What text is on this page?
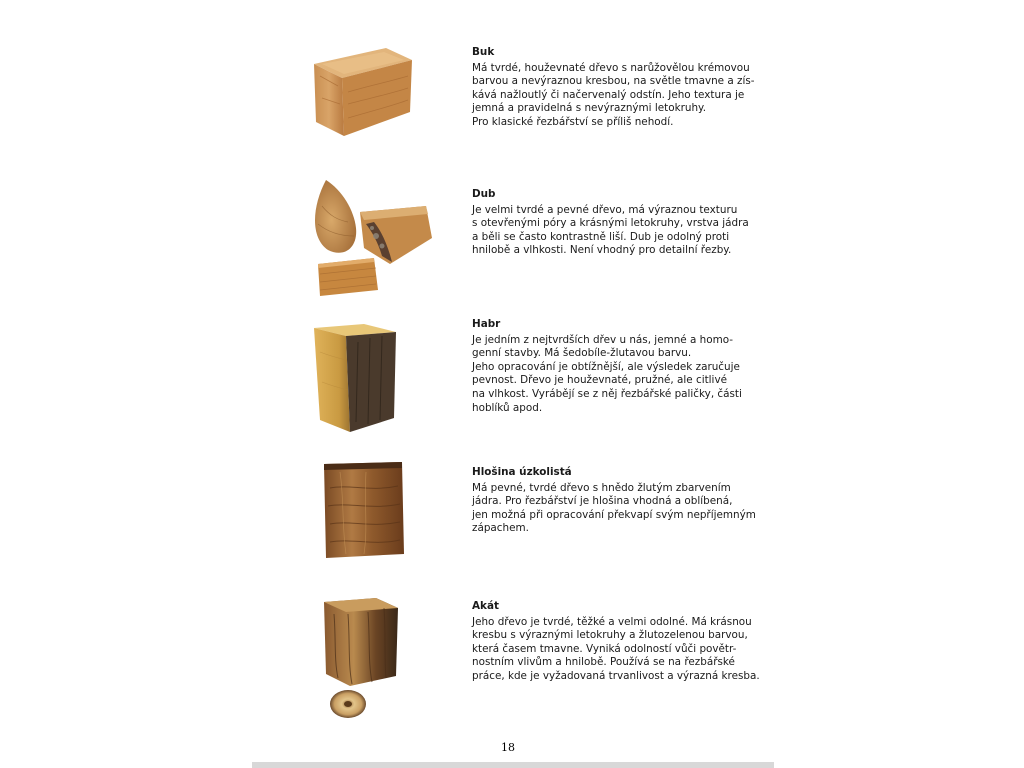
Buk
Má tvrdé, houževnaté dřevo s narůžovělou krémovou
barvou a nevýraznou kresbou, na světle tmavne a zís-
kává nažloutlý či načervenalý odstín. Jeho textura je
jemná a pravidelná s nevýraznými letokruhy.
Pro klasické řezbářství se příliš nehodí.
Dub
Je velmi tvrdé a pevné dřevo, má výraznou texturu
s otevřenými póry a krásnými letokruhy, vrstva jádra
a běli se často kontrastně liší. Dub je odolný proti
hnilobě a vlhkosti. Není vhodný pro detailní řezby.
Habr
Je jedním z nejtvrdších dřev u nás, jemné a homo-
genní stavby. Má šedobíle-žlutavou barvu.
Jeho opracování je obtížnější, ale výsledek zaručuje
pevnost. Dřevo je houževnaté, pružné, ale citlivé
na vlhkost. Vyrábějí se z něj řezbářské paličky, části
hoblíků apod.
Hlošina úzkolistá
Má pevné, tvrdé dřevo s hnědo žlutým zbarvením
jádra. Pro řezbářství je hlošina vhodná a oblíbená,
jen možná při opracování překvapí svým nepříjemným
zápachem.
Akát
Jeho dřevo je tvrdé, těžké a velmi odolné. Má krásnou
kresbu s výraznými letokruhy a žlutozelenou barvou,
která časem tmavne. Vyniká odolností vůči povětr-
nostním vlivům a hnilobě. Používá se na řezbářské
práce, kde je vyžadovaná trvanlivost a výrazná kresba.
18
